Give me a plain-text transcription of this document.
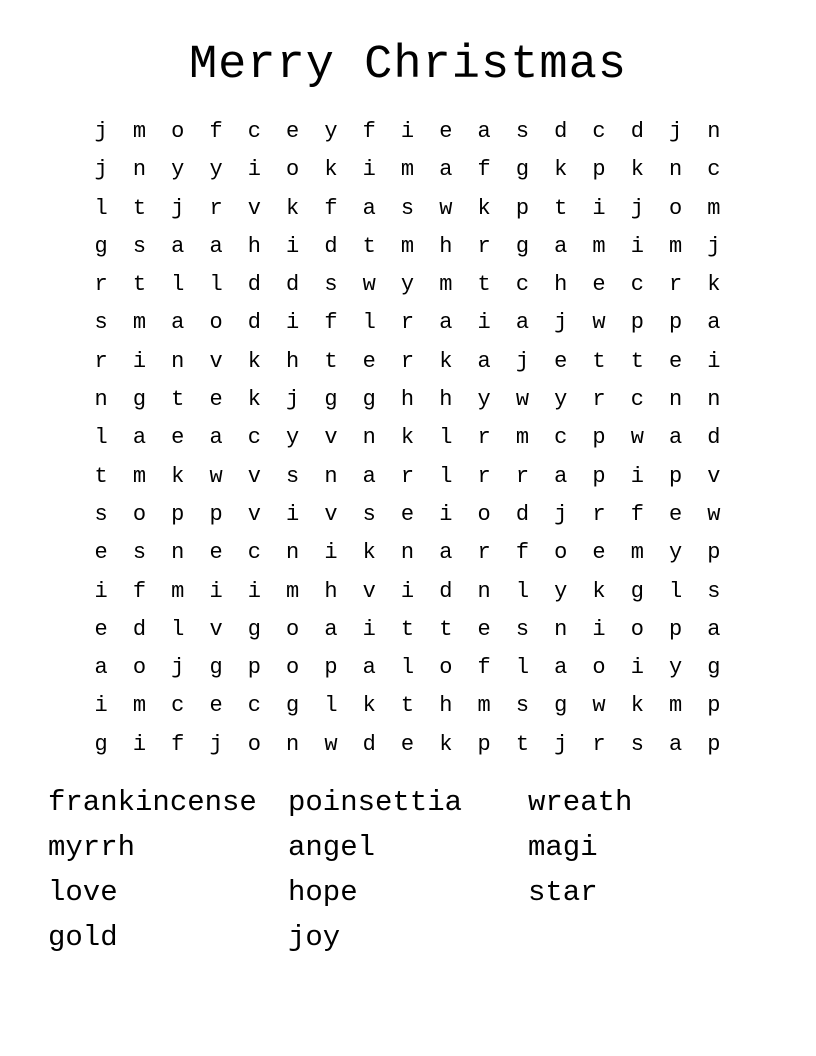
Merry Christmas
j	m	o	f	c	e	y	f	i	e	a	s	d	c	d	j	n
j	n	y	y	i	o	k	i	m	a	f	g	k	p	k	n	c
l	t	j	r	v	k	f	a	s	w	k	p	t	i	j	o	m
g	s	a	a	h	i	d	t	m	h	r	g	a	m	i	m	j
r	t	l	l	d	d	s	w	y	m	t	c	h	e	c	r	k
s	m	a	o	d	i	f	l	r	a	i	a	j	w	p	p	a
r	i	n	v	k	h	t	e	r	k	a	j	e	t	t	e	i
n	g	t	e	k	j	g	g	h	h	y	w	y	r	c	n	n
l	a	e	a	c	y	v	n	k	l	r	m	c	p	w	a	d
t	m	k	w	v	s	n	a	r	l	r	r	a	p	i	p	v
s	o	p	p	v	i	v	s	e	i	o	d	j	r	f	e	w
e	s	n	e	c	n	i	k	n	a	r	f	o	e	m	y	p
i	f	m	i	i	m	h	v	i	d	n	l	y	k	g	l	s
e	d	l	v	g	o	a	i	t	t	e	s	n	i	o	p	a
a	o	j	g	p	o	p	a	l	o	f	l	a	o	i	y	g
i	m	c	e	c	g	l	k	t	h	m	s	g	w	k	m	p
g	i	f	j	o	n	w	d	e	k	p	t	j	r	s	a	p
frankincense	poinsettia	wreath
myrrh	angel	magi
love	hope	star
gold	joy
